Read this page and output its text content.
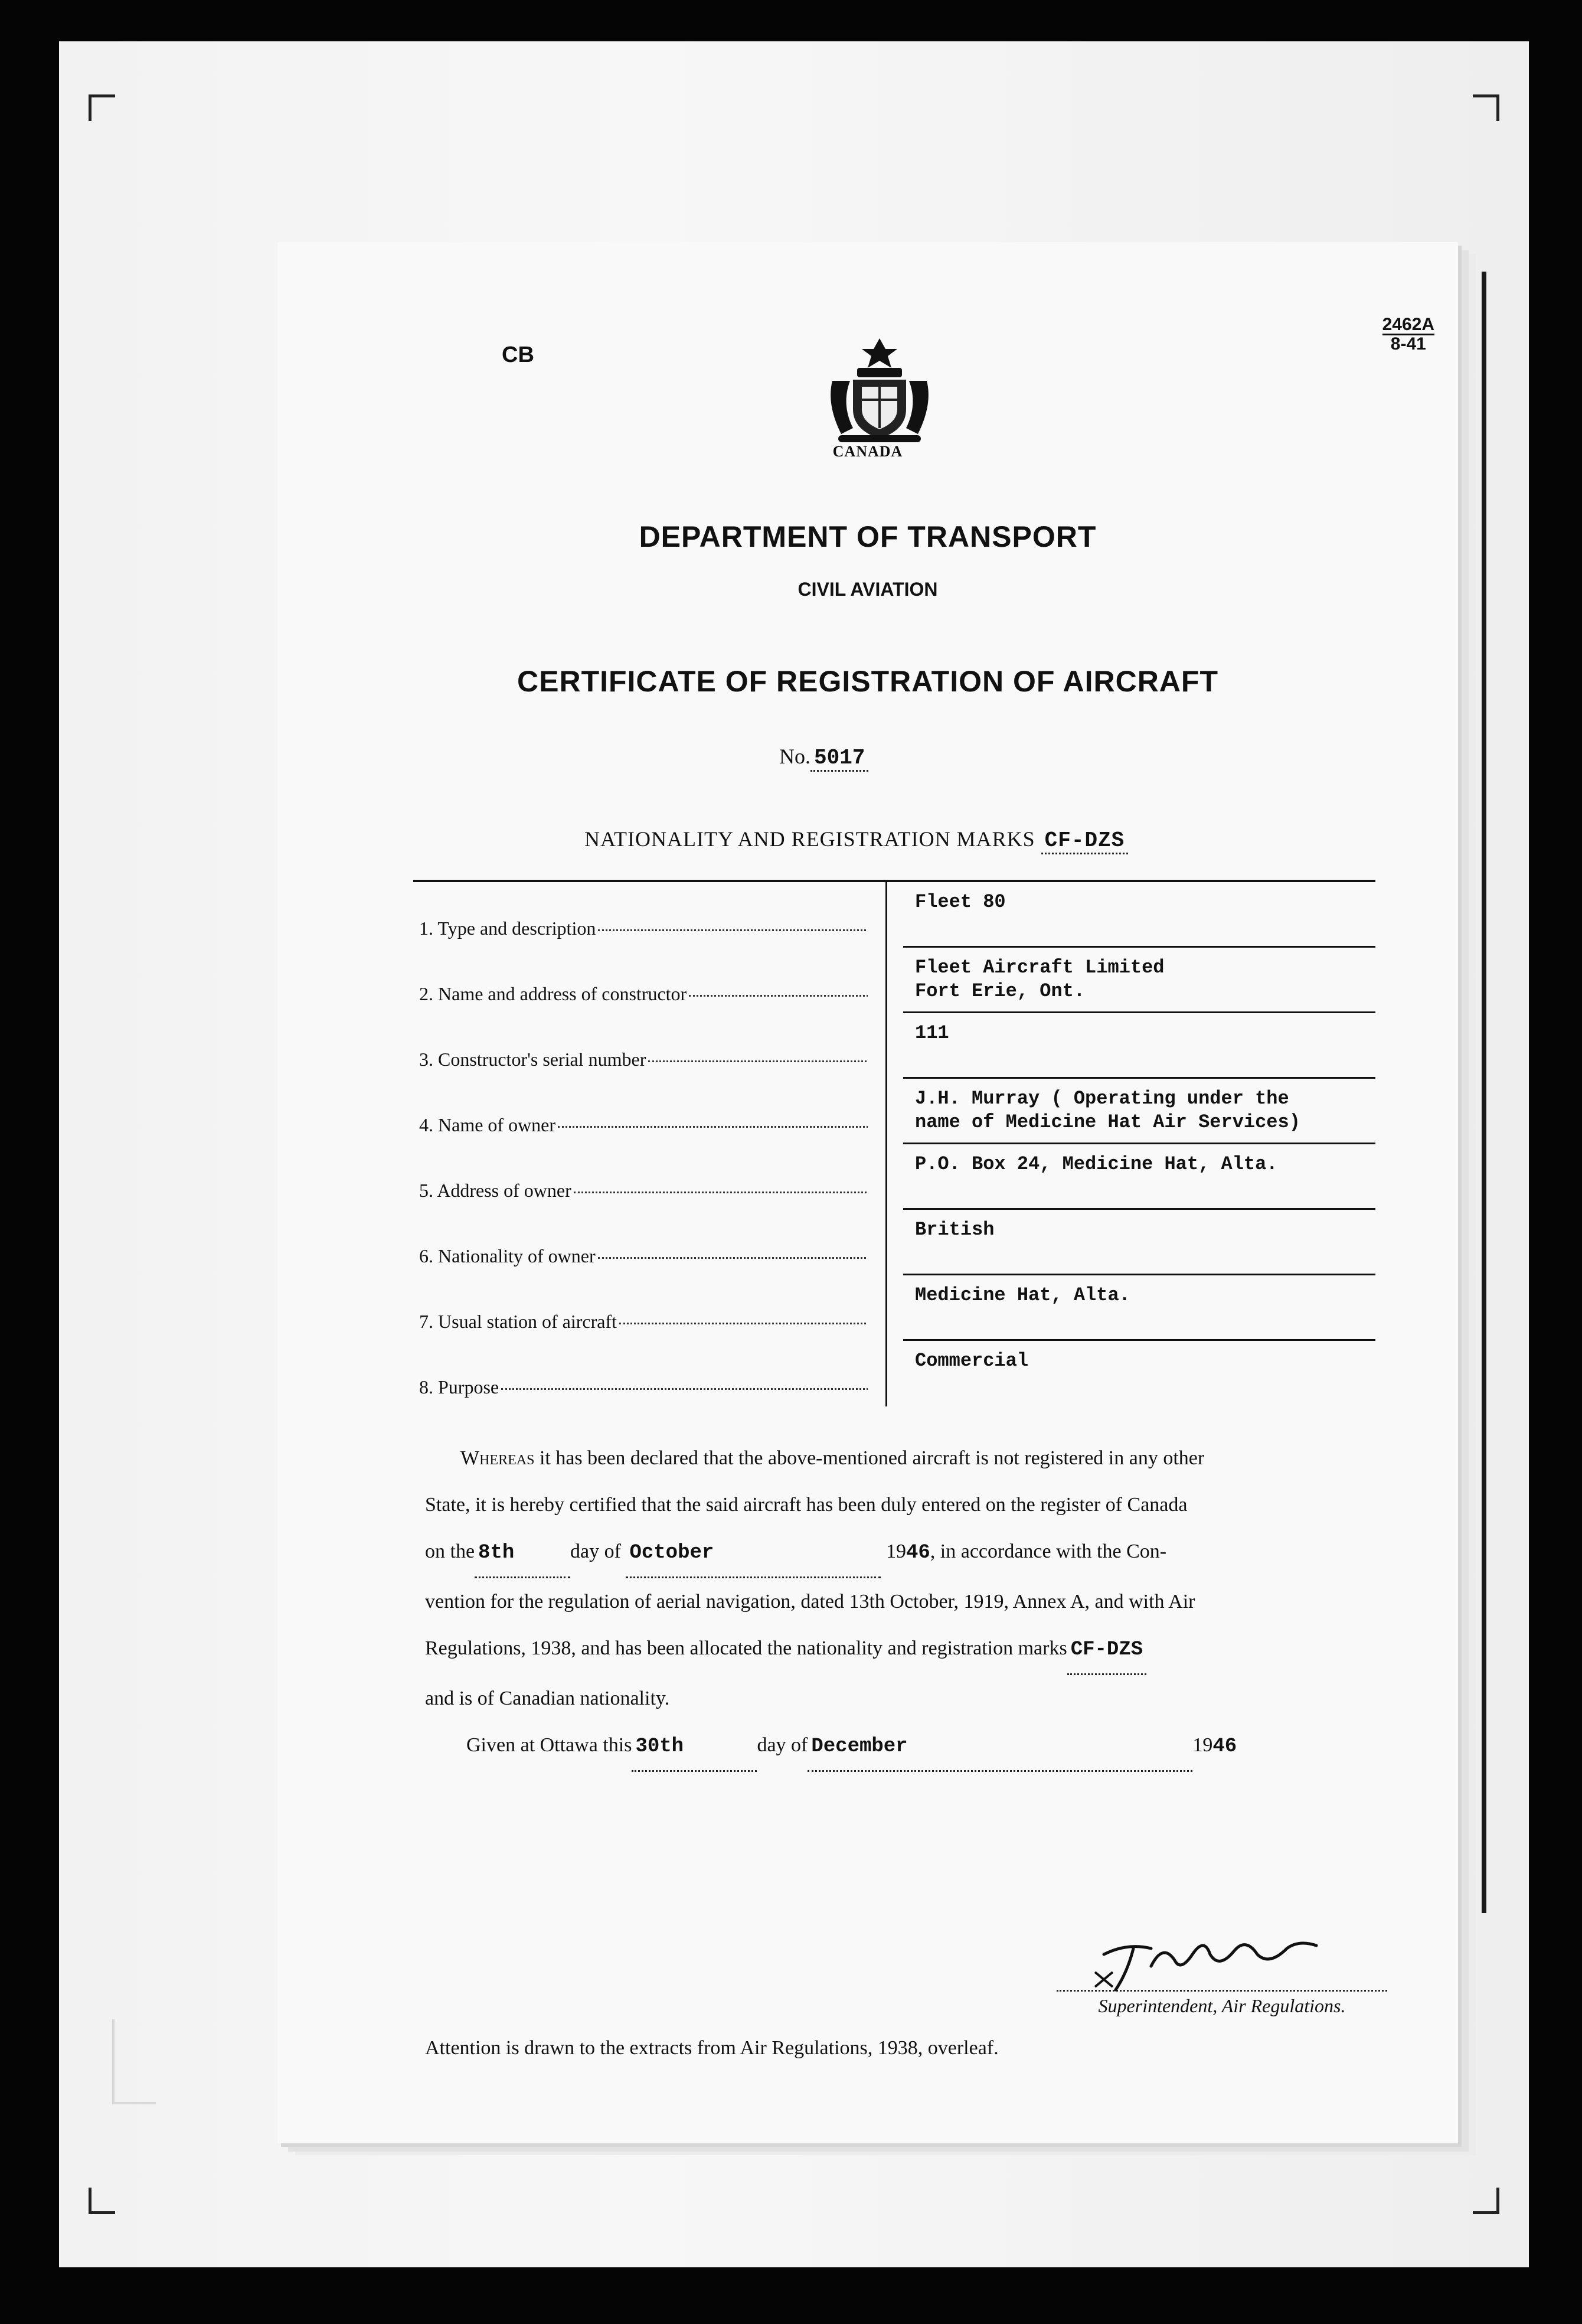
CB
2462A
8-41
CANADA
DEPARTMENT OF TRANSPORT
CIVIL AVIATION
CERTIFICATE OF REGISTRATION OF AIRCRAFT
No. 5017
NATIONALITY AND REGISTRATION MARKS CF-DZS
1. Type and description
Fleet 80
2. Name and address of constructor
Fleet Aircraft Limited
Fort Erie, Ont.
3. Constructor's serial number
111
4. Name of owner
J.H. Murray ( Operating under the
name of Medicine Hat Air Services)
5. Address of owner
P.O. Box 24, Medicine Hat, Alta.
6. Nationality of owner
British
7. Usual station of aircraft
Medicine Hat, Alta.
8. Purpose
Commercial
Whereas it has been declared that the above-mentioned aircraft is not registered in any other
State, it is hereby certified that the said aircraft has been duly entered on the register of Canada
on the 8th	day of October	1946, in accordance with the Con-
vention for the regulation of aerial navigation, dated 13th October, 1919, Annex A, and with Air
Regulations, 1938, and has been allocated the nationality and registration marks CF-DZS
and is of Canadian nationality.
Given at Ottawa this 30th	day of December	1946
Superintendent, Air Regulations.
Attention is drawn to the extracts from Air Regulations, 1938, overleaf.
